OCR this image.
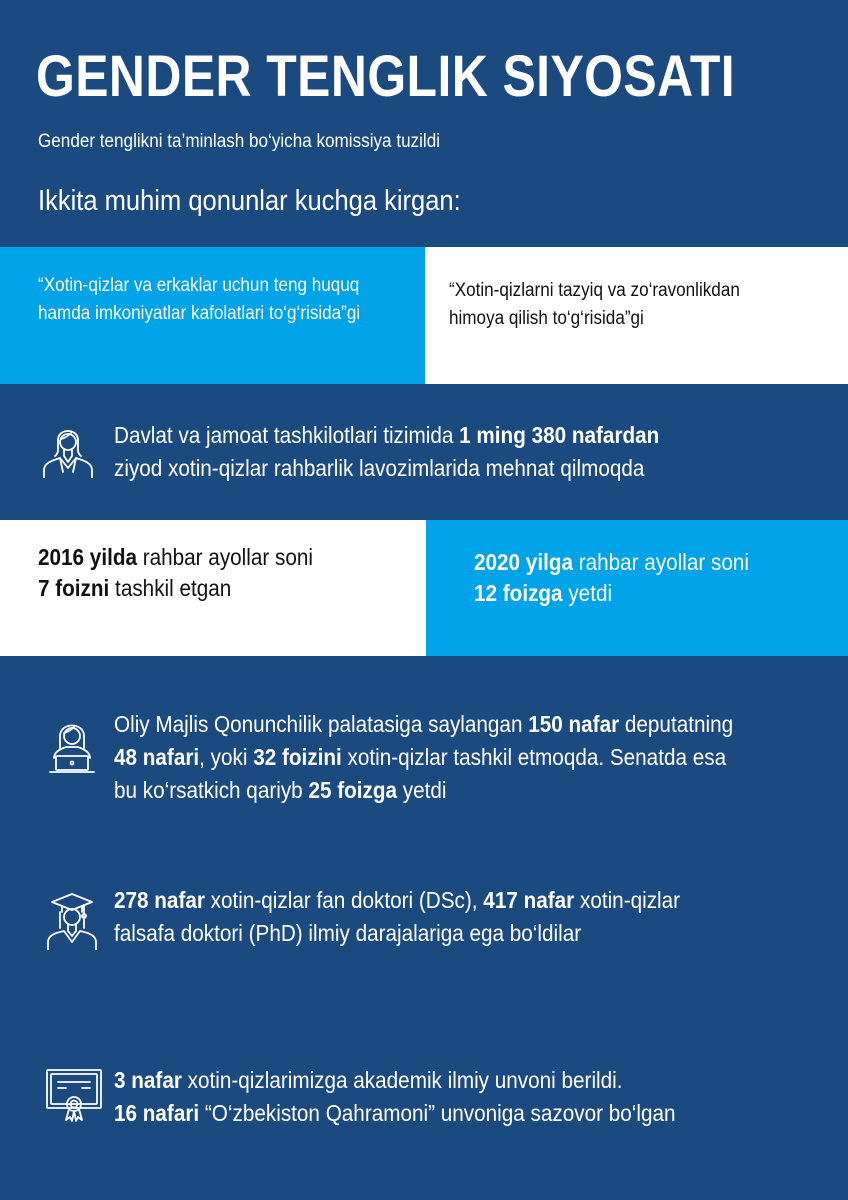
GENDER TENGLIK SIYOSATI
Gender tenglikni ta’minlash bo‘yicha komissiya tuzildi
Ikkita muhim qonunlar kuchga kirgan:
“Xotin-qizlar va erkaklar uchun teng huquq
hamda imkoniyatlar kafolatlari to‘g‘risida”gi
“Xotin-qizlarni tazyiq va zo‘ravonlikdan
himoya qilish to‘g‘risida”gi
Davlat va jamoat tashkilotlari tizimida 1 ming 380 nafardan
ziyod xotin-qizlar rahbarlik lavozimlarida mehnat qilmoqda
2016 yilda rahbar ayollar soni
7 foizni tashkil etgan
2020 yilga rahbar ayollar soni
12 foizga yetdi
Oliy Majlis Qonunchilik palatasiga saylangan 150 nafar deputatning
48 nafari, yoki 32 foizini xotin-qizlar tashkil etmoqda. Senatda esa
bu ko‘rsatkich qariyb 25 foizga yetdi
278 nafar xotin-qizlar fan doktori (DSc), 417 nafar xotin-qizlar
falsafa doktori (PhD) ilmiy darajalariga ega bo‘ldilar
3 nafar xotin-qizlarimizga akademik ilmiy unvoni berildi.
16 nafari “O‘zbekiston Qahramoni” unvoniga sazovor bo‘lgan
